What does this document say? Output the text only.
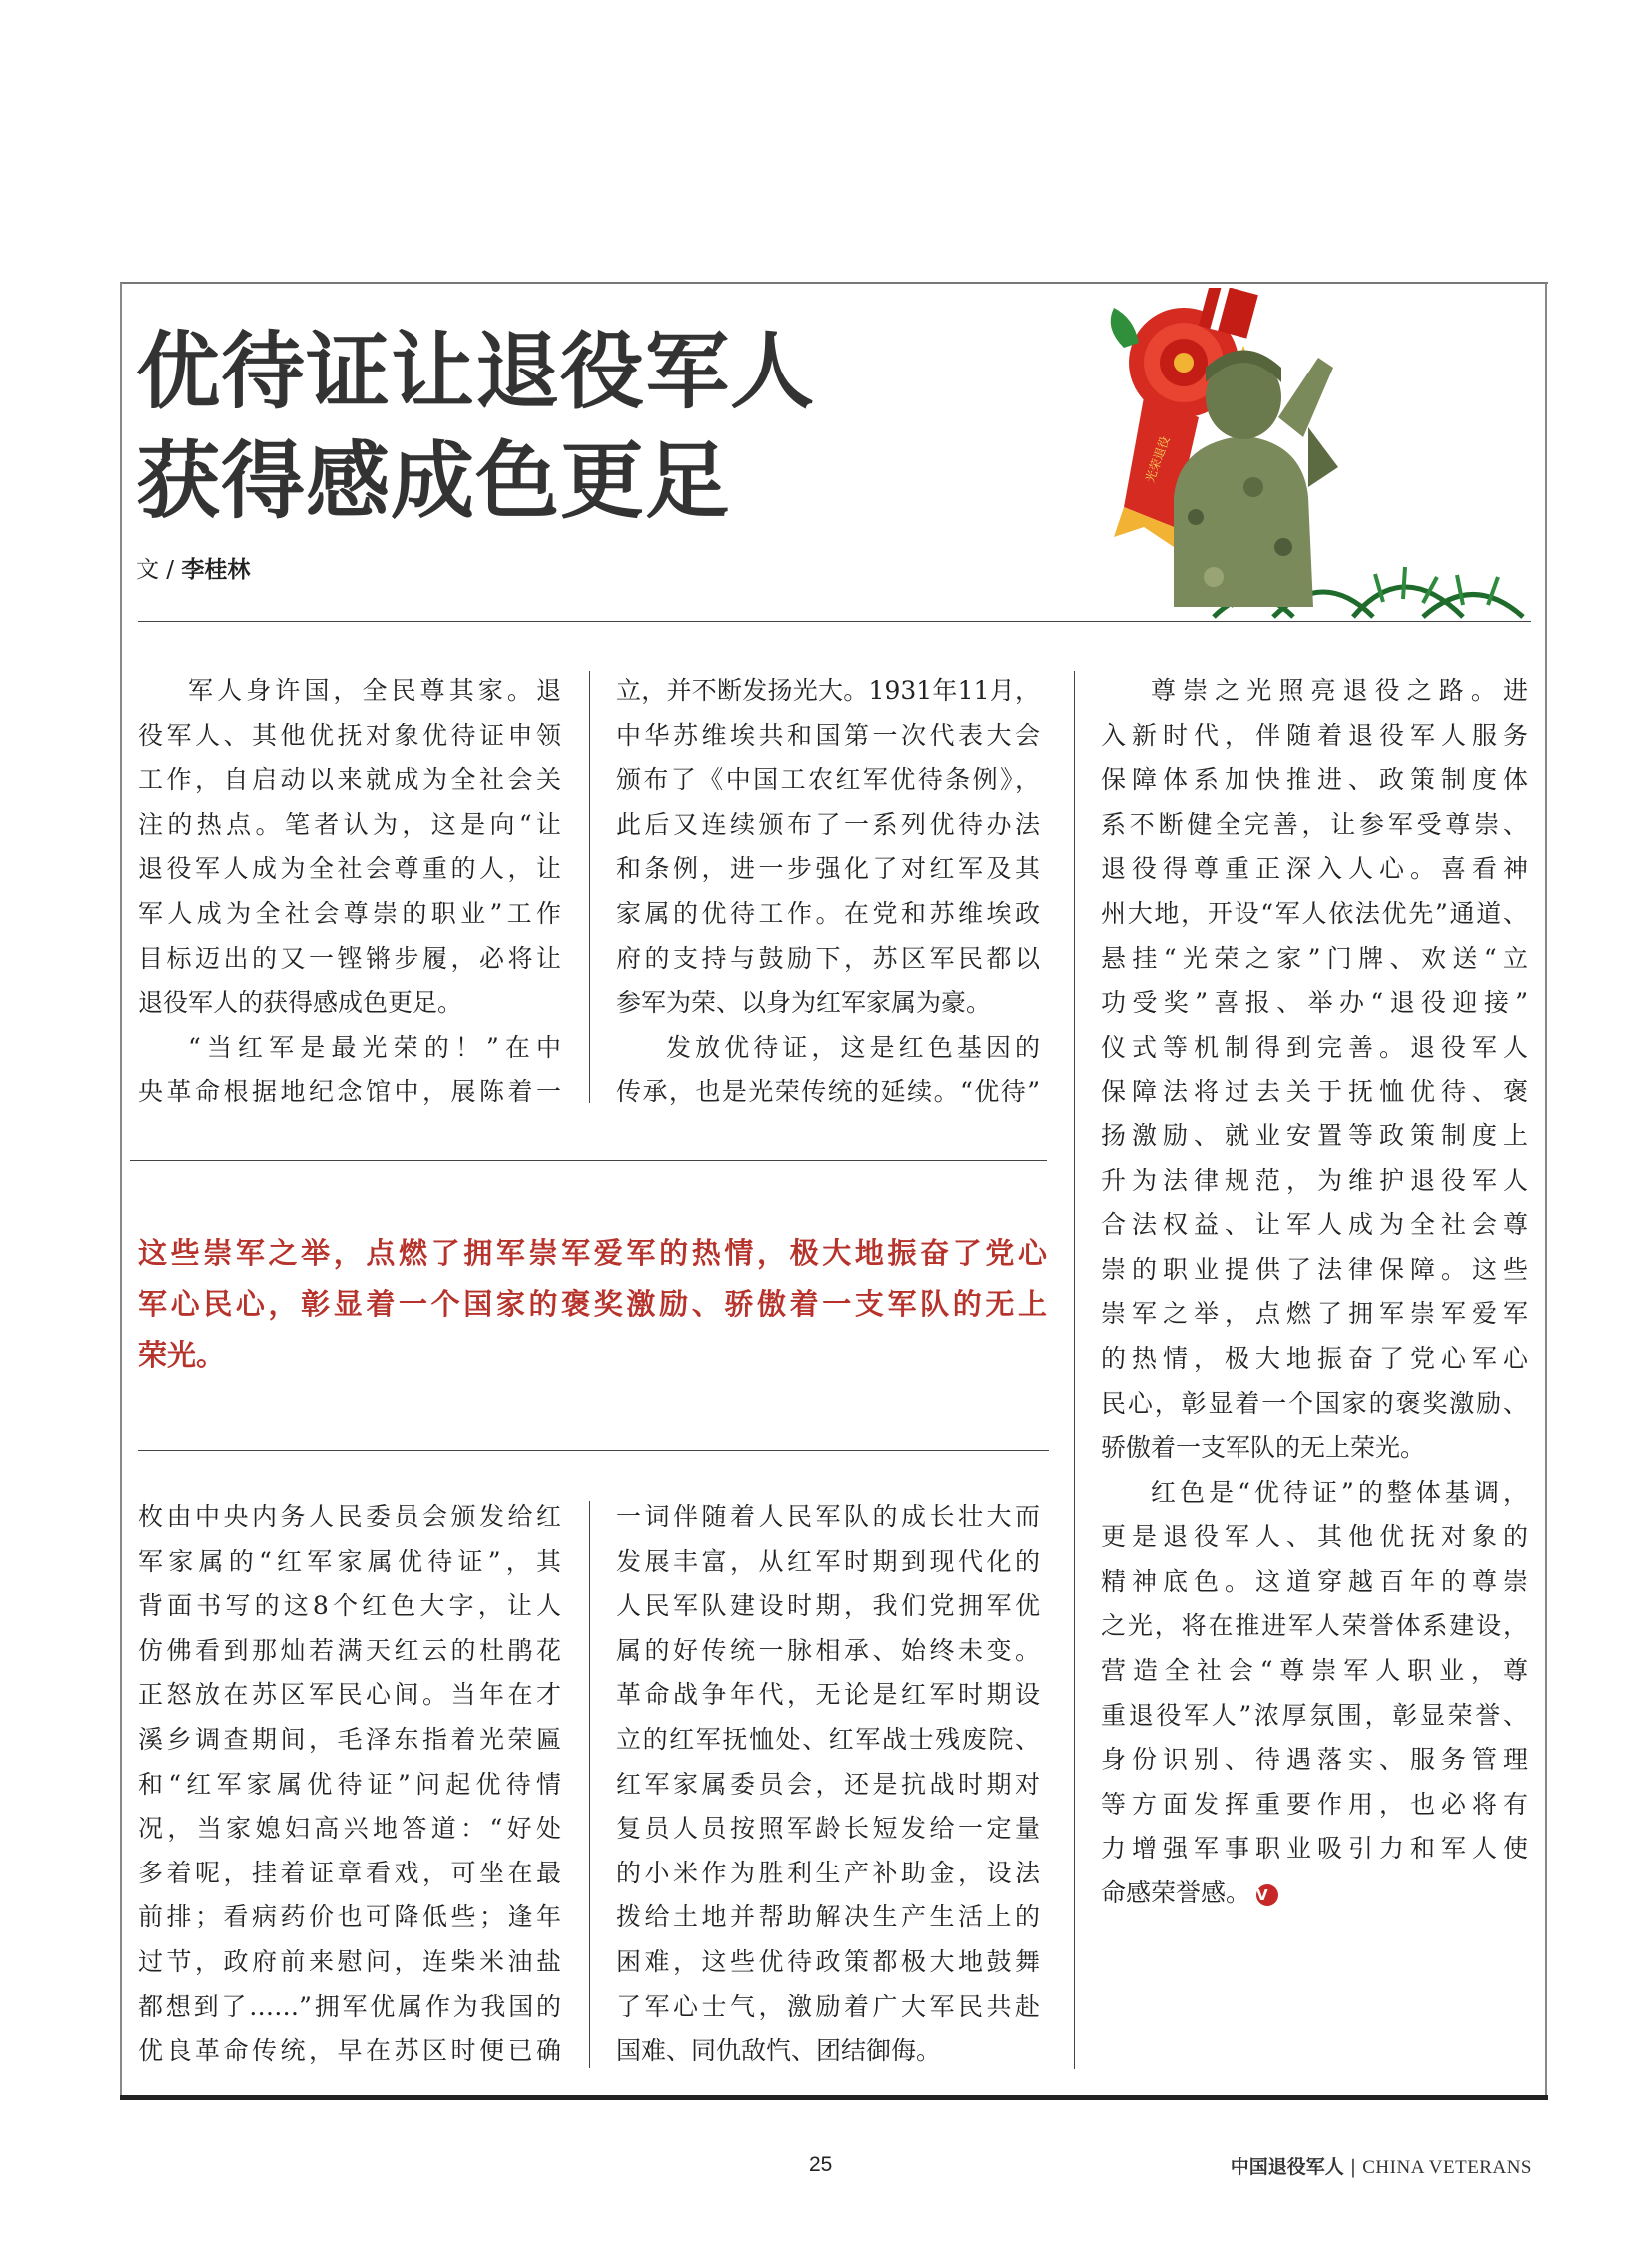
优待证让退役军人
获得感成色更足
文 / 李桂林
光荣退役
军人身许国，全民尊其家。退
役军人、其他优抚对象优待证申领
工作，自启动以来就成为全社会关
注的热点。笔者认为，这是向“让
退役军人成为全社会尊重的人，让
军人成为全社会尊崇的职业”工作
目标迈出的又一铿锵步履，必将让
退役军人的获得感成色更足。
“当红军是最光荣的！”在中
央革命根据地纪念馆中，展陈着一
立，并不断发扬光大。1931年11月，
中华苏维埃共和国第一次代表大会
颁布了《中国工农红军优待条例》，
此后又连续颁布了一系列优待办法
和条例，进一步强化了对红军及其
家属的优待工作。在党和苏维埃政
府的支持与鼓励下，苏区军民都以
参军为荣、以身为红军家属为豪。
发放优待证，这是红色基因的
传承，也是光荣传统的延续。“优待”
这些崇军之举，点燃了拥军崇军爱军的热情，极大地振奋了党心
军心民心，彰显着一个国家的褒奖激励、骄傲着一支军队的无上
荣光。
枚由中央内务人民委员会颁发给红
军家属的“红军家属优待证”，其
背面书写的这8个红色大字，让人
仿佛看到那灿若满天红云的杜鹃花
正怒放在苏区军民心间。当年在才
溪乡调查期间，毛泽东指着光荣匾
和“红军家属优待证”问起优待情
况，当家媳妇高兴地答道：“好处
多着呢，挂着证章看戏，可坐在最
前排；看病药价也可降低些；逢年
过节，政府前来慰问，连柴米油盐
都想到了……”拥军优属作为我国的
优良革命传统，早在苏区时便已确
一词伴随着人民军队的成长壮大而
发展丰富，从红军时期到现代化的
人民军队建设时期，我们党拥军优
属的好传统一脉相承、始终未变。
革命战争年代，无论是红军时期设
立的红军抚恤处、红军战士残废院、
红军家属委员会，还是抗战时期对
复员人员按照军龄长短发给一定量
的小米作为胜利生产补助金，设法
拨给土地并帮助解决生产生活上的
困难，这些优待政策都极大地鼓舞
了军心士气，激励着广大军民共赴
国难、同仇敌忾、团结御侮。
尊崇之光照亮退役之路。进
入新时代，伴随着退役军人服务
保障体系加快推进、政策制度体
系不断健全完善，让参军受尊崇、
退役得尊重正深入人心。喜看神
州大地，开设“军人依法优先”通道、
悬挂“光荣之家”门牌、欢送“立
功受奖”喜报、举办“退役迎接”
仪式等机制得到完善。退役军人
保障法将过去关于抚恤优待、褒
扬激励、就业安置等政策制度上
升为法律规范，为维护退役军人
合法权益、让军人成为全社会尊
崇的职业提供了法律保障。这些
崇军之举，点燃了拥军崇军爱军
的热情，极大地振奋了党心军心
民心，彰显着一个国家的褒奖激励、
骄傲着一支军队的无上荣光。
红色是“优待证”的整体基调，
更是退役军人、其他优抚对象的
精神底色。这道穿越百年的尊崇
之光，将在推进军人荣誉体系建设，
营造全社会“尊崇军人职业，尊
重退役军人”浓厚氛围，彰显荣誉、
身份识别、待遇落实、服务管理
等方面发挥重要作用，也必将有
力增强军事职业吸引力和军人使
命感荣誉感。 V
25	中国退役军人 | CHINA VETERANS
